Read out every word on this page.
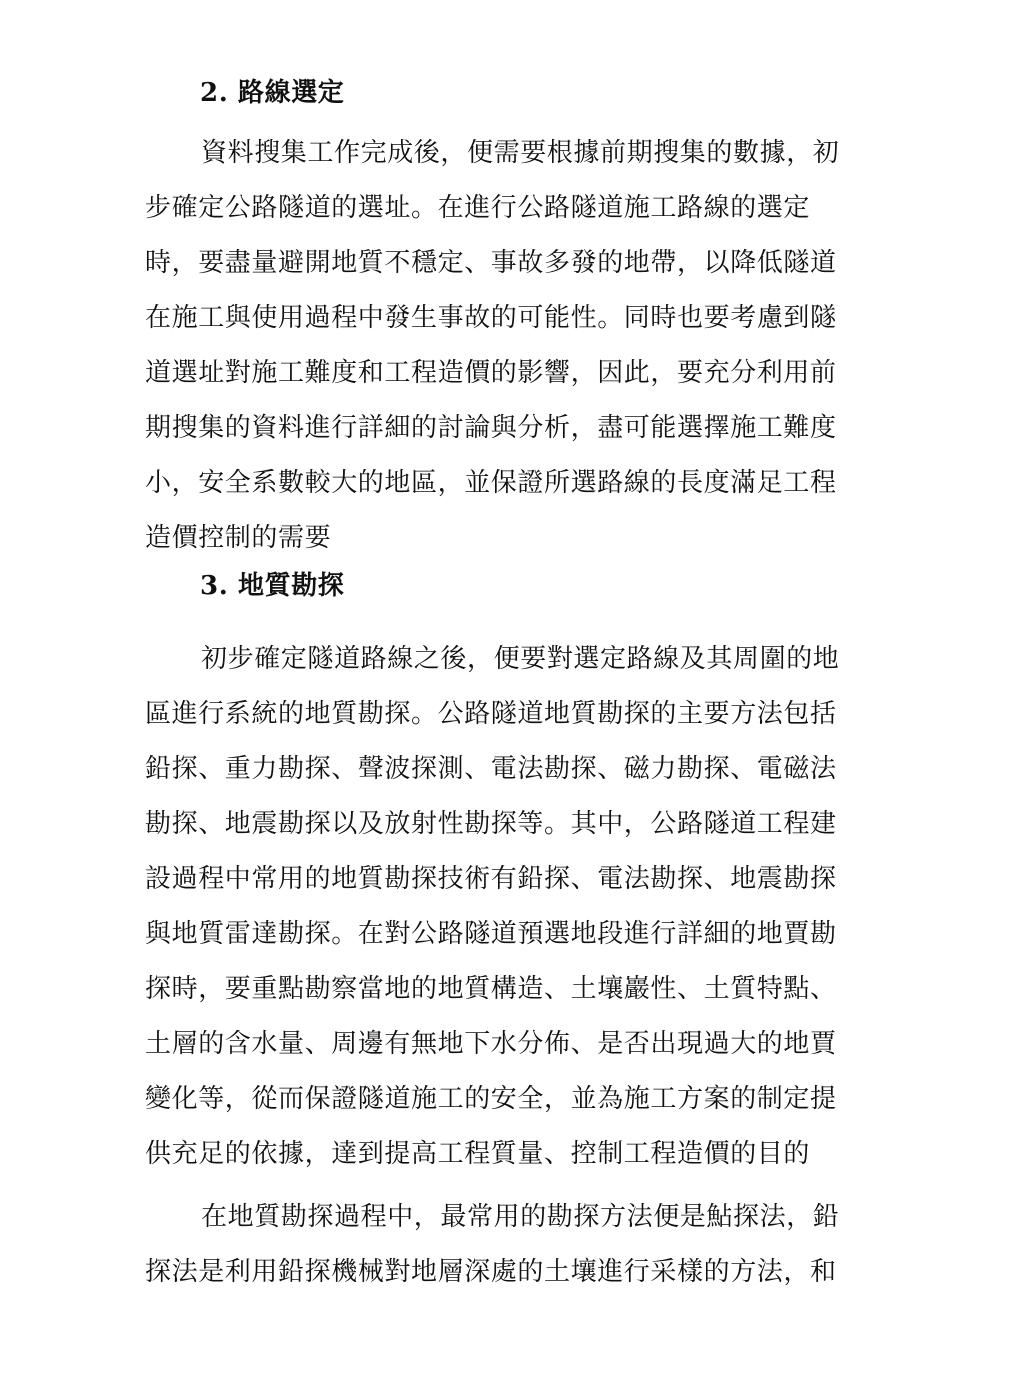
2. 路線選定

資料搜集工作完成後，便需要根據前期搜集的數據，初
步確定公路隧道的選址。在進行公路隧道施工路線的選定
時，要盡量避開地質不穩定、事故多發的地帶，以降低隧道
在施工與使用過程中發生事故的可能性。同時也要考慮到隧
道選址對施工難度和工程造價的影響，因此，要充分利用前
期搜集的資料進行詳細的討論與分析，盡可能選擇施工難度
小，安全系數較大的地區，並保證所選路線的長度滿足工程
造價控制的需要

3. 地質勘探

初步確定隧道路線之後，便要對選定路線及其周圍的地
區進行系統的地質勘探。公路隧道地質勘探的主要方法包括
鉛探、重力勘探、聲波探測、電法勘探、磁力勘探、電磁法
勘探、地震勘探以及放射性勘探等。其中，公路隧道工程建
設過程中常用的地質勘探技術有鉛探、電法勘探、地震勘探
與地質雷達勘探。在對公路隧道預選地段進行詳細的地賈勘
探時，要重點勘察當地的地質構造、土壤巖性、土質特點、
土層的含水量、周邊有無地下水分佈、是否出現過大的地賈
變化等，從而保證隧道施工的安全，並為施工方案的制定提
供充足的依據，達到提高工程質量、控制工程造價的目的

在地質勘探過程中，最常用的勘探方法便是鮎探法，鉛
探法是利用鉛探機械對地層深處的土壤進行采樣的方法，和
